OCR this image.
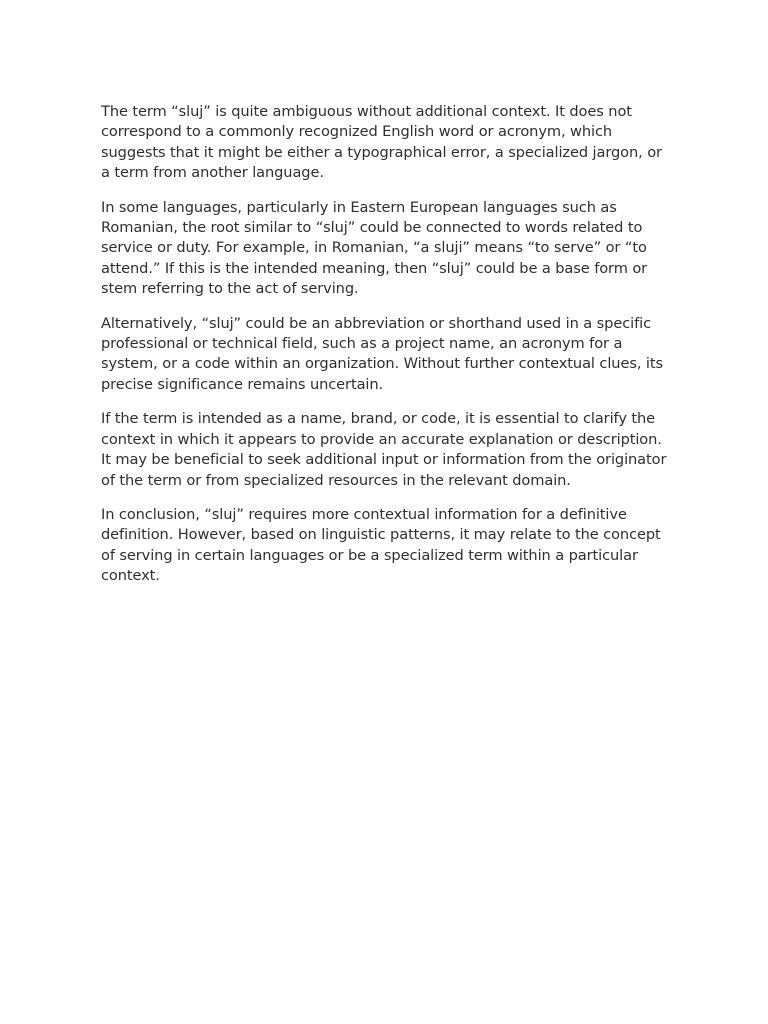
The term “sluj” is quite ambiguous without additional context. It does not correspond to a commonly recognized English word or acronym, which suggests that it might be either a typographical error, a specialized jargon, or a term from another language.

In some languages, particularly in Eastern European languages such as Romanian, the root similar to “sluj” could be connected to words related to service or duty. For example, in Romanian, “a sluji” means “to serve” or “to attend.” If this is the intended meaning, then “sluj” could be a base form or stem referring to the act of serving.

Alternatively, “sluj” could be an abbreviation or shorthand used in a specific professional or technical field, such as a project name, an acronym for a system, or a code within an organization. Without further contextual clues, its precise significance remains uncertain.

If the term is intended as a name, brand, or code, it is essential to clarify the context in which it appears to provide an accurate explanation or description. It may be beneficial to seek additional input or information from the originator of the term or from specialized resources in the relevant domain.

In conclusion, “sluj” requires more contextual information for a definitive definition. However, based on linguistic patterns, it may relate to the concept of serving in certain languages or be a specialized term within a particular context.
